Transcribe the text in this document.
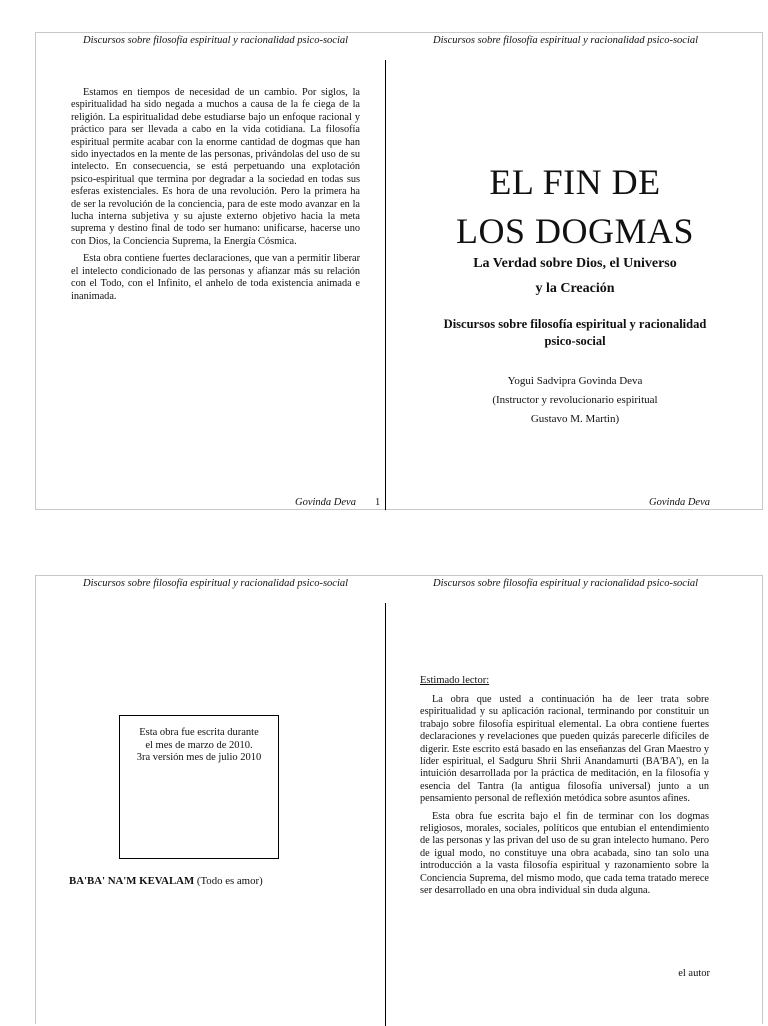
Discursos sobre filosofía espiritual y racionalidad psico-social	Discursos sobre filosofía espiritual y racionalidad psico-social

Estamos en tiempos de necesidad de un cambio. Por siglos, la espiritualidad ha sido negada a muchos a causa de la fe ciega de la religión. La espiritualidad debe estudiarse bajo un enfoque racional y práctico para ser llevada a cabo en la vida cotidiana. La filosofía espiritual permite acabar con la enorme cantidad de dogmas que han sido inyectados en la mente de las personas, privándolas del uso de su intelecto. En consecuencia, se está perpetuando una explotación psico-espiritual que termina por degradar a la sociedad en todas sus esferas existenciales. Es hora de una revolución. Pero la primera ha de ser la revolución de la conciencia, para de este modo avanzar en la lucha interna subjetiva y su ajuste externo objetivo hacia la meta suprema y destino final de todo ser humano: unificarse, hacerse uno con Dios, la Conciencia Suprema, la Energía Cósmica.

Esta obra contiene fuertes declaraciones, que van a permitir liberar el intelecto condicionado de las personas y afianzar más su relación con el Todo, con el Infinito, el anhelo de toda existencia animada e inanimada.

EL FIN DE
LOS DOGMAS
La Verdad sobre Dios, el Universo
y la Creación
Discursos sobre filosofía espiritual y racionalidad
psico-social
Yogui Sadvipra Govinda Deva
(Instructor y revolucionario espiritual
Gustavo M. Martin)
Govinda Deva 1	Govinda Deva
Discursos sobre filosofía espiritual y racionalidad psico-social	Discursos sobre filosofía espiritual y racionalidad psico-social
Esta obra fue escrita durante
el mes de marzo de 2010.
3ra versión mes de julio 2010
BA'BA' NA'M KEVALAM (Todo es amor)
Estimado lector:

La obra que usted a continuación ha de leer trata sobre espiritualidad y su aplicación racional, terminando por constituir un trabajo sobre filosofía espiritual elemental. La obra contiene fuertes declaraciones y revelaciones que pueden quizás parecerle difíciles de digerir. Este escrito está basado en las enseñanzas del Gran Maestro y líder espiritual, el Sadguru Shrii Shrii Anandamurti (BA'BA'), en la intuición desarrollada por la práctica de meditación, en la filosofía y esencia del Tantra (la antigua filosofía universal) junto a un pensamiento personal de reflexión metódica sobre asuntos afines.

Esta obra fue escrita bajo el fin de terminar con los dogmas religiosos, morales, sociales, políticos que entubian el entendimiento de las personas y las privan del uso de su gran intelecto humano. Pero de igual modo, no constituye una obra acabada, sino tan solo una introducción a la vasta filosofía espiritual y razonamiento sobre la Conciencia Suprema, del mismo modo, que cada tema tratado merece ser desarrollado en una obra individual sin duda alguna.

el autor
